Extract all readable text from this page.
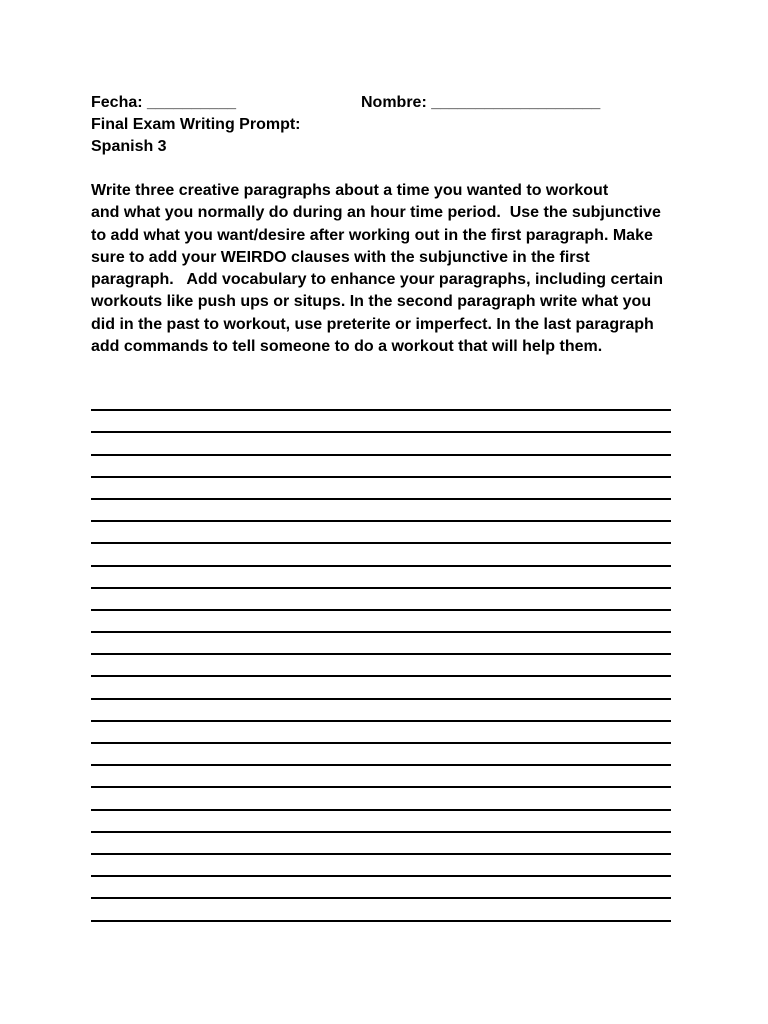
Fecha: __________	Nombre: ___________________
Final Exam Writing Prompt:
Spanish 3
Write three creative paragraphs about a time you wanted to workout
and what you normally do during an hour time period.  Use the subjunctive
to add what you want/desire after working out in the first paragraph. Make
sure to add your WEIRDO clauses with the subjunctive in the first
paragraph.   Add vocabulary to enhance your paragraphs, including certain
workouts like push ups or situps. In the second paragraph write what you
did in the past to workout, use preterite or imperfect. In the last paragraph
add commands to tell someone to do a workout that will help them.
